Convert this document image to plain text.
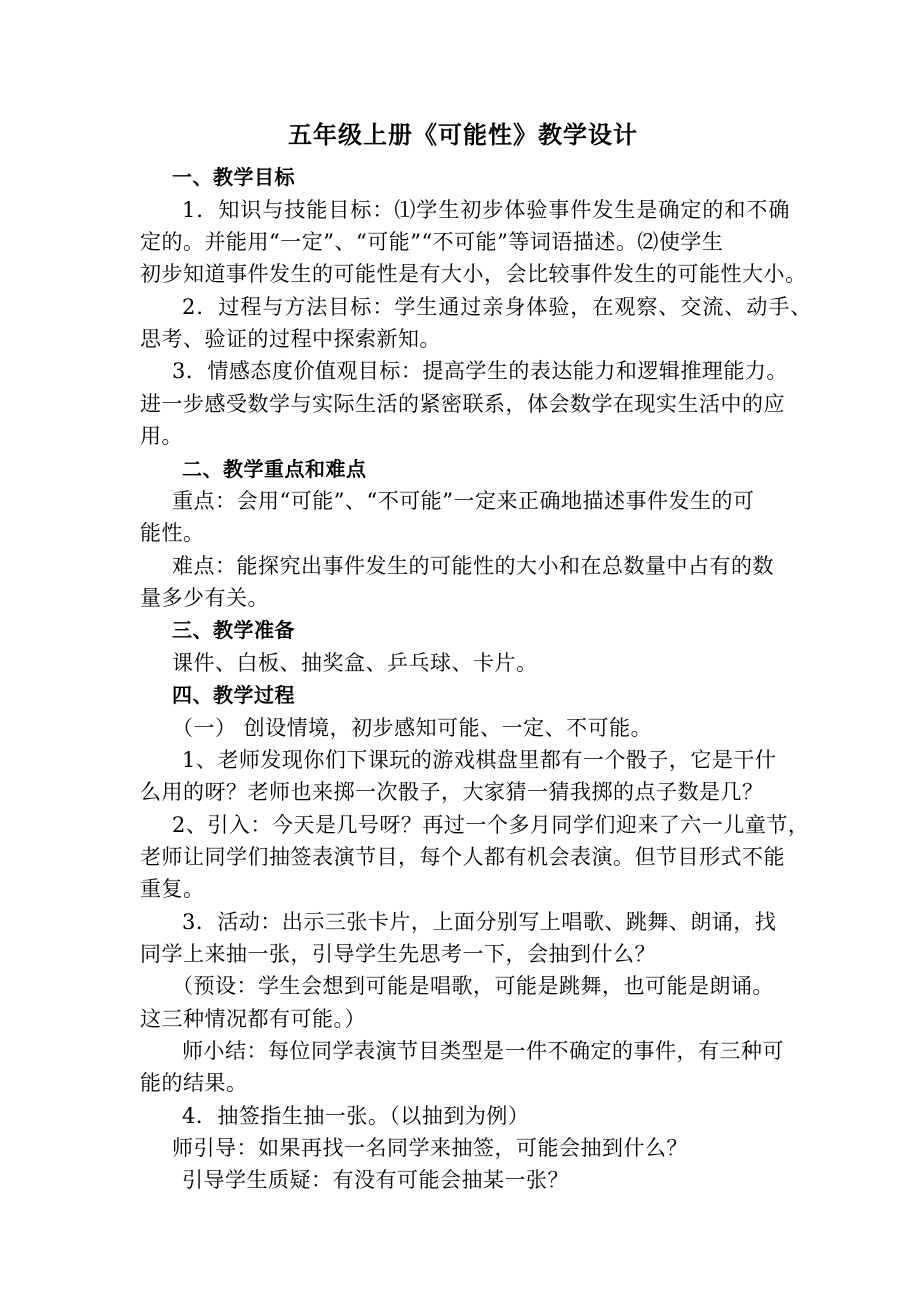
五年级上册《可能性》教学设计

一、教学目标

1．知识与技能目标：⑴学生初步体验事件发生是确定的和不确

定的。并能用“一定”、“可能”“不可能”等词语描述。⑵使学生

初步知道事件发生的可能性是有大小，会比较事件发生的可能性大小。

2．过程与方法目标：学生通过亲身体验，在观察、交流、动手、

思考、验证的过程中探索新知。

3．情感态度价值观目标：提高学生的表达能力和逻辑推理能力。

进一步感受数学与实际生活的紧密联系，体会数学在现实生活中的应

用。

二、教学重点和难点

重点：会用“可能”、“不可能”一定来正确地描述事件发生的可

能性。

难点：能探究出事件发生的可能性的大小和在总数量中占有的数

量多少有关。

三、教学准备

课件、白板、抽奖盒、乒乓球、卡片。

四、教学过程

（一） 创设情境，初步感知可能、一定、不可能。

1、老师发现你们下课玩的游戏棋盘里都有一个骰子，它是干什

么用的呀？老师也来掷一次骰子，大家猜一猜我掷的点子数是几？

2、引入：今天是几号呀？再过一个多月同学们迎来了六一儿童节，

老师让同学们抽签表演节目，每个人都有机会表演。但节目形式不能

重复。

3．活动：出示三张卡片，上面分别写上唱歌、跳舞、朗诵，找

同学上来抽一张，引导学生先思考一下，会抽到什么？

（预设：学生会想到可能是唱歌，可能是跳舞，也可能是朗诵。

这三种情况都有可能。）

师小结：每位同学表演节目类型是一件不确定的事件，有三种可

能的结果。

4．抽签指生抽一张。（以抽到为例）

师引导：如果再找一名同学来抽签，可能会抽到什么？

引导学生质疑：有没有可能会抽某一张？
